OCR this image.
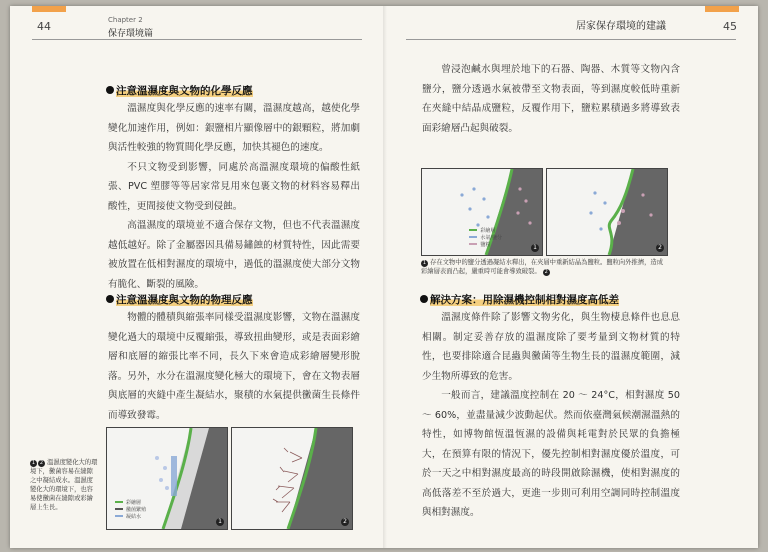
44	Chapter 2
保存環境篇
居家保存環境的建議	45
注意溫濕度與文物的化學反應

溫濕度與化學反應的速率有關，溫濕度越高，越使化學變化加速作用，例如：銀鹽相片顯像層中的銀顆粒，將加劇與活性較強的物質間化學反應，加快其褪色的速度。

不只文物受到影響，同處於高溫濕度環境的偏酸性紙張、PVC 塑膠等等居家常見用來包裹文物的材料容易釋出酸性，更間接使文物受到侵蝕。

高溫濕度的環境並不適合保存文物，但也不代表溫濕度越低越好。除了金屬器因具備易鏽蝕的材質特性，因此需要被放置在低相對濕度的環境中，過低的溫濕度使大部分文物有脆化、斷裂的風險。

注意溫濕度與文物的物理反應

物體的體積與縮張率同樣受溫濕度影響，文物在溫濕度變化過大的環境中反覆縮張，導致扭曲變形，或是表面彩繪層和底層的縮張比率不同，長久下來會造成彩繪層變形脫落。另外，水分在溫濕度變化極大的環境下，會在文物表層與底層的夾縫中產生凝結水，聚積的水氣提供黴菌生長條件而導致發霉。

1 2 溫濕度變化大的環境下，黴菌容易在縫隙之中凝結成水。溫濕度變化大的環境下，也容易使黴菌在縫隙或彩繪層上生長。
彩繪層
黴菌繁殖
凝結水
1	2

曾浸泡鹹水與埋於地下的石器、陶器、木質等文物內含鹽分，鹽分透過水氣被帶至文物表面，等到濕度較低時重新在夾縫中結晶成鹽粒，反覆作用下，鹽粒累積過多將導致表面彩繪層凸起與破裂。

彩繪層
水氣/鹽分
鹽粒	1	2
1 存在文物中的鹽分透過凝結水釋出，在夾層中重新結晶為鹽粒。鹽粒向外推擠，造成彩繪層表面凸起，嚴重時可能會導致破裂。 2
解決方案：用除濕機控制相對濕度高低差

溫濕度條件除了影響文物劣化，與生物棲息條件也息息相關。制定妥善存放的溫濕度除了要考量到文物材質的特性，也要排除適合昆蟲與黴菌等生物生長的溫濕度範圍，減少生物所導致的危害。

一般而言，建議溫度控制在 20 ～ 24°C，相對濕度 50 ～ 60%，並盡量減少波動起伏。然而依臺灣氣候潮濕溫熱的特性，如博物館恆溫恆濕的設備與耗電對於民眾的負擔極大，在預算有限的情況下，優先控制相對濕度優於溫度，可於一天之中相對濕度最高的時段開啟除濕機，使相對濕度的高低落差不至於過大，更進一步則可利用空調同時控制溫度與相對濕度。
